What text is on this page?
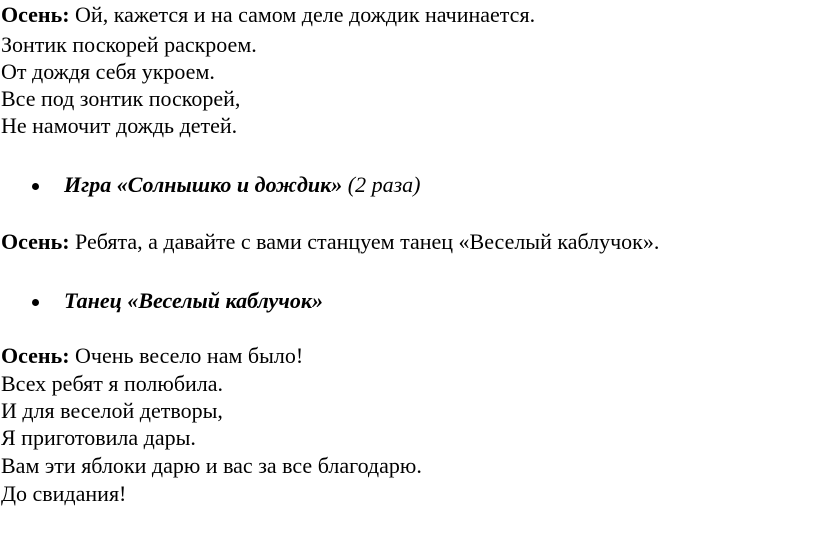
Осень: Ой, кажется и на самом деле дождик начинается.
Зонтик поскорей раскроем.
От дождя себя укроем.
Все под зонтик поскорей,
Не намочит дождь детей.
Игра «Солнышко и дождик» (2 раза)
Осень: Ребята, а давайте с вами станцуем танец «Веселый каблучок».
Танец «Веселый каблучок»
Осень: Очень весело нам было!
Всех ребят я полюбила.
И для веселой детворы,
Я приготовила дары.
Вам эти яблоки дарю и вас за все благодарю.
До свидания!
